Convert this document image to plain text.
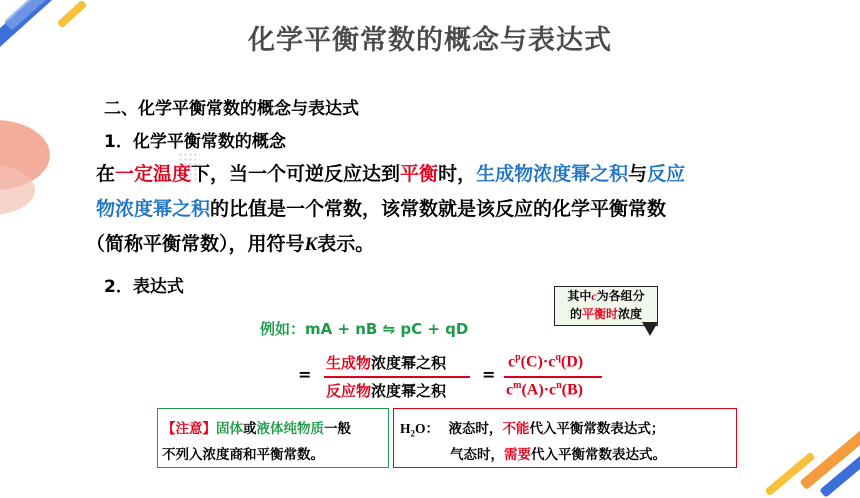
化学平衡常数的概念与表达式
二、化学平衡常数的概念与表达式
1．化学平衡常数的概念
在一定温度下，当一个可逆反应达到平衡时，生成物浓度幂之积与反应
物浓度幂之积的比值是一个常数，该常数就是该反应的化学平衡常数
（简称平衡常数），用符号K表示。
2．表达式	其中c为各组分
的平衡时浓度
例如：mA + nB ⇋ pC + qD
=
生成物浓度幂之积
反应物浓度幂之积
=
$c^p(C)\cdot c^q(D)$
$c^m(A)\cdot c^n(B)$
【注意】固体或液体纯物质一般
不列入浓度商和平衡常数。
$H_2O$： 液态时，不能代入平衡常数表达式；
气态时，需要代入平衡常数表达式。
